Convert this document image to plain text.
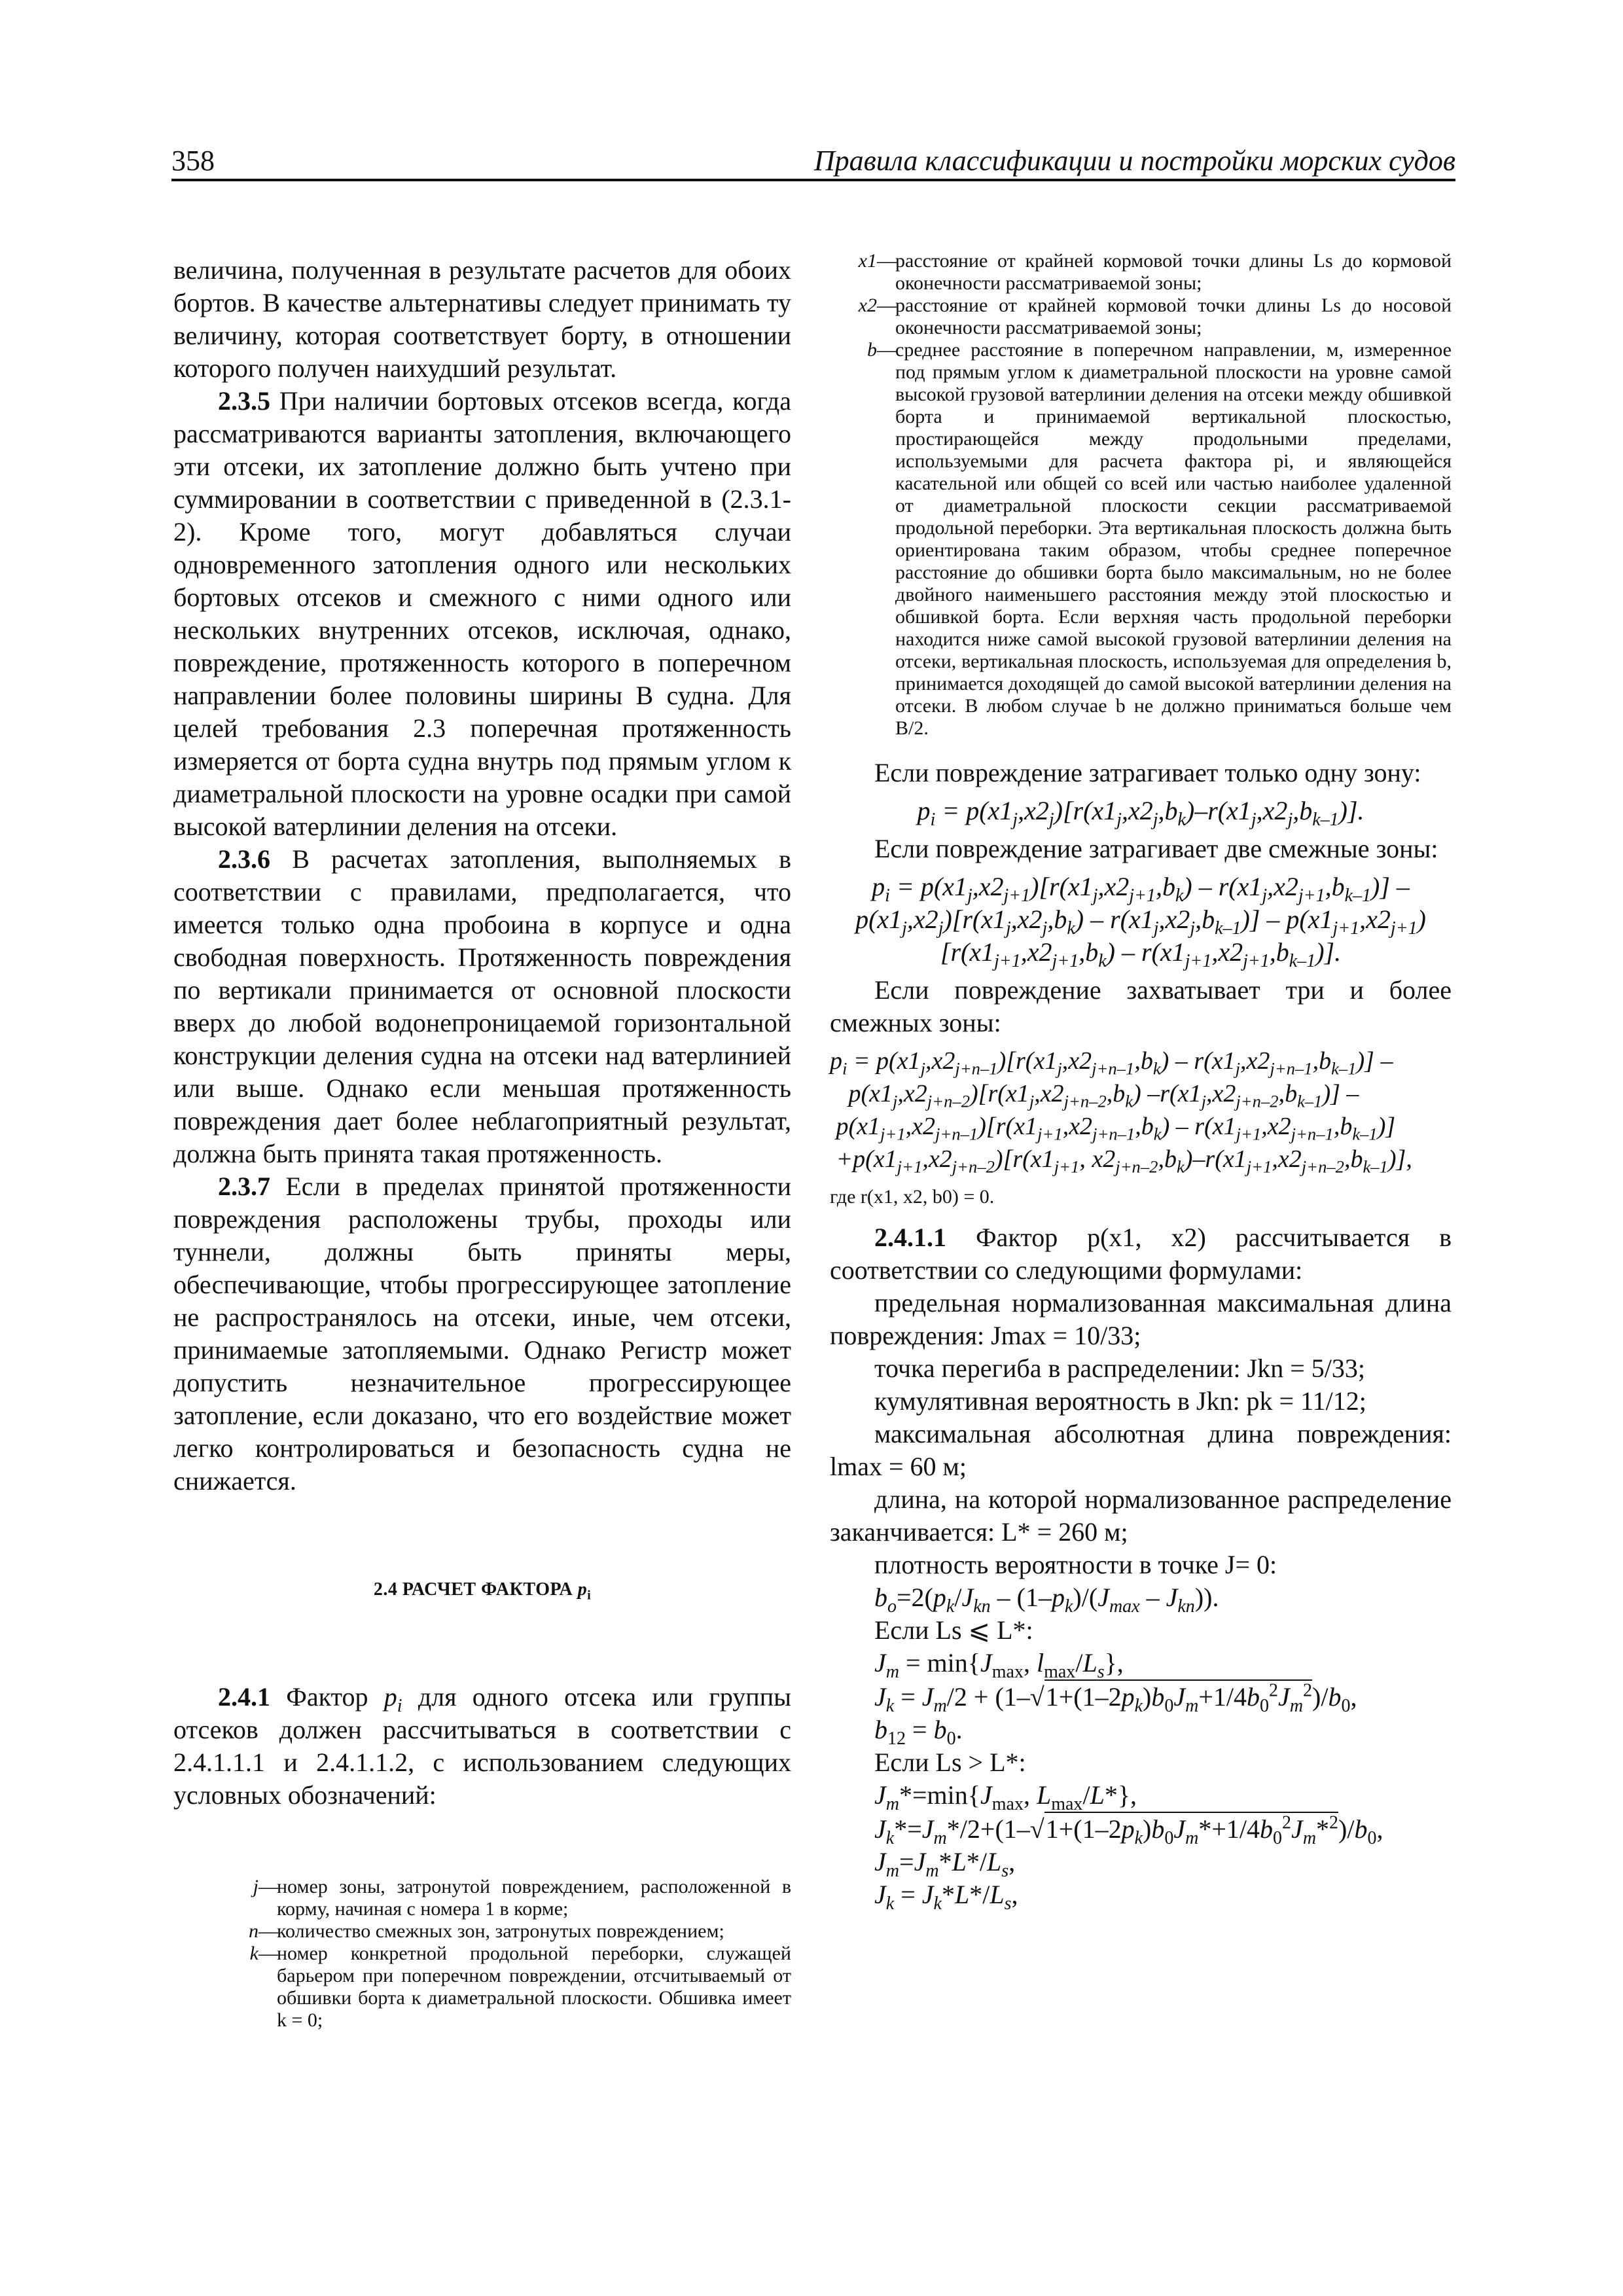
358	Правила классификации и постройки морских судов

величина, полученная в результате расчетов для обоих бортов. В качестве альтернативы следует принимать ту величину, которая соответствует борту, в отношении которого получен наихудший результат.

2.3.5 При наличии бортовых отсеков всегда, когда рассматриваются варианты затопления, включающего эти отсеки, их затопление должно быть учтено при суммировании в соответствии с приведенной в (2.3.1-2). Кроме того, могут добавляться случаи одновременного затопления одного или нескольких бортовых отсеков и смежного с ними одного или нескольких внутренних отсеков, исключая, однако, повреждение, протяженность которого в поперечном направлении более половины ширины B судна. Для целей требования 2.3 поперечная протяженность измеряется от борта судна внутрь под прямым углом к диаметральной плоскости на уровне осадки при самой высокой ватерлинии деления на отсеки.

2.3.6 В расчетах затопления, выполняемых в соответствии с правилами, предполагается, что имеется только одна пробоина в корпусе и одна свободная поверхность. Протяженность повреждения по вертикали принимается от основной плоскости вверх до любой водонепроницаемой горизонтальной конструкции деления судна на отсеки над ватерлинией или выше. Однако если меньшая протяженность повреждения дает более неблагоприятный результат, должна быть принята такая протяженность.

2.3.7 Если в пределах принятой протяженности повреждения расположены трубы, проходы или туннели, должны быть приняты меры, обеспечивающие, чтобы прогрессирующее затопление не распространялось на отсеки, иные, чем отсеки, принимаемые затопляемыми. Однако Регистр может допустить незначительное прогрессирующее затопление, если доказано, что его воздействие может легко контролироваться и безопасность судна не снижается.

2.4 РАСЧЕТ ФАКТОРА $p_i$

2.4.1 Фактор $p_i$ для одного отсека или группы отсеков должен рассчитываться в соответствии с 2.4.1.1.1 и 2.4.1.1.2, с использованием следующих условных обозначений:

j —
номер зоны, затронутой повреждением, расположенной в корму, начиная с номера 1 в корме;
n —
количество смежных зон, затронутых повреждением;
k —
номер конкретной продольной переборки, служащей барьером при поперечном повреждении, отсчитываемый от обшивки борта к диаметральной плоскости. Обшивка имеет k = 0;
x1 —
расстояние от крайней кормовой точки длины Ls до кормовой оконечности рассматриваемой зоны;
x2 —
расстояние от крайней кормовой точки длины Ls до носовой оконечности рассматриваемой зоны;
b —
среднее расстояние в поперечном направлении, м, измеренное под прямым углом к диаметральной плоскости на уровне самой высокой грузовой ватерлинии деления на отсеки между обшивкой борта и принимаемой вертикальной плоскостью, простирающейся между продольными пределами, используемыми для расчета фактора pi, и являющейся касательной или общей со всей или частью наиболее удаленной от диаметральной плоскости секции рассматриваемой продольной переборки. Эта вертикальная плоскость должна быть ориентирована таким образом, чтобы среднее поперечное расстояние до обшивки борта было максимальным, но не более двойного наименьшего расстояния между этой плоскостью и обшивкой борта. Если верхняя часть продольной переборки находится ниже самой высокой грузовой ватерлинии деления на отсеки, вертикальная плоскость, используемая для определения b, принимается доходящей до самой высокой ватерлинии деления на отсеки. В любом случае b не должно приниматься больше чем B/2.

Если повреждение затрагивает только одну зону:

$p_i = p(x1_j,x2_j)[r(x1_j,x2_j,b_k)-r(x1_j,x2_j,b_{k-1})]$.

Если повреждение затрагивает две смежные зоны:

$p_i = p(x1_j,x2_{j+1})[r(x1_j,x2_{j+1},b_k) - r(x1_j,x2_{j+1},b_{k-1})]$ –
$p(x1_j,x2_j)[r(x1_j,x2_j,b_k) - r(x1_j,x2_j,b_{k-1})] - p(x1_{j+1},x2_{j+1})$
$[r(x1_{j+1},x2_{j+1},b_k) - r(x1_{j+1},x2_{j+1},b_{k-1})]$.

Если повреждение захватывает три и более смежных зоны:

$p_i = p(x1_j,x2_{j+n-1})[r(x1_j,x2_{j+n-1},b_k) - r(x1_j,x2_{j+n-1},b_{k-1})]$ –
$p(x1_j,x2_{j+n-2})[r(x1_j,x2_{j+n-2},b_k)$ $-r(x1_j,x2_{j+n-2},b_{k-1})$] –
$p(x1_{j+1},x2_{j+n-1})[r(x1_{j+1},x2_{j+n-1},b_k) - r(x1_{j+1},x2_{j+n-1},b_{k-1})]$
$+p(x1_{j+1},x2_{j+n-2})[r(x1_{j+1}$, $x2_{j+n-2},b_k)-r(x1_{j+1},x2_{j+n-2},b_{k-1})$],
где r(x1, x2, b0) = 0.

2.4.1.1 Фактор p(x1, x2) рассчитывается в соответствии со следующими формулами:

предельная нормализованная максимальная длина повреждения: Jmax = 10/33;

точка перегиба в распределении: Jkn = 5/33;

кумулятивная вероятность в Jkn: pk = 11/12;

максимальная абсолютная длина повреждения: lmax = 60 м;

длина, на которой нормализованное распределение заканчивается: L* = 260 м;

плотность вероятности в точке J= 0:

$b_o=2(p_k/J_{kn} - (1-p_k)/(J_{max} - J_{kn}))$.

Если Ls ⩽ L*:

$J_m = \min\{J_{max}$, $l_{max}/L_s$},

$J_k = J_m/2 + (1-√1+(1-2p_k)b_0J_m+1/4b_0^2J_m^2)/b_0$,

$b_{12} = b_0$.

Если Ls > L*:

$J_m*=\min\{J_{max}$, $L_{max}/L*$},

$J_k*=J_m*/2+(1-√1+(1-2p_k)b_0J_m*+1/4b_0^2J_m*^2)/b_0$,

$J_m=J_m*L*/L_s$,

$J_k = J_k*L*/L_s$,
